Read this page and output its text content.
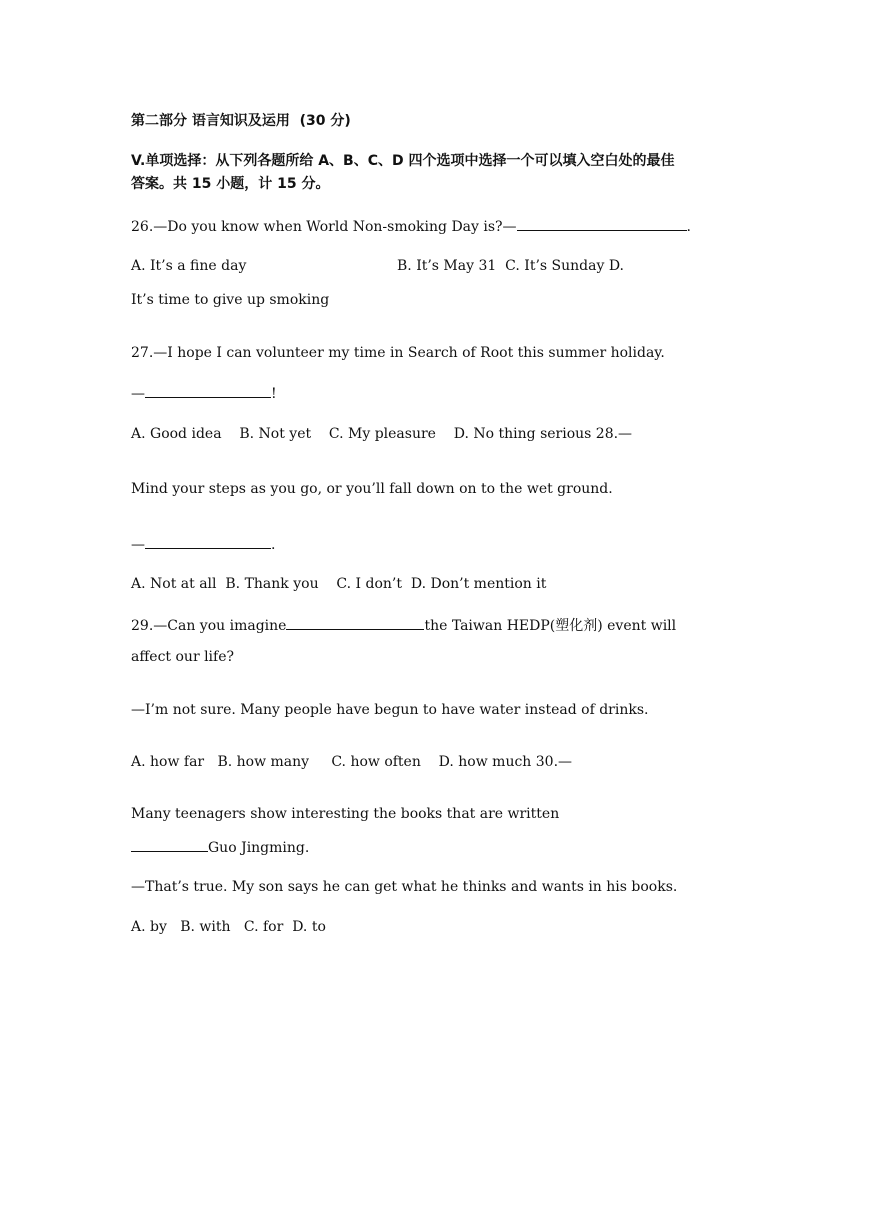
第二部分 语言知识及运用  (30 分)
V.单项选择：从下列各题所给 A、B、C、D 四个选项中选择一个可以填入空白处的最佳
答案。共 15 小题，计 15 分。
26.—Do you know when World Non-smoking Day is?—	.
A. It’s a fine day	B. It’s May 31  C. It’s Sunday D.
It’s time to give up smoking
27.—I hope I can volunteer my time in Search of Root this summer holiday.
—	!
A. Good idea    B. Not yet    C. My pleasure    D. No thing serious 28.—
Mind your steps as you go, or you’ll fall down on to the wet ground.
—	.
A. Not at all  B. Thank you    C. I don’t  D. Don’t mention it
29.—Can you imagine	the Taiwan HEDP(塑化剂) event will
affect our life?
—I’m not sure. Many people have begun to have water instead of drinks.
A. how far   B. how many     C. how often    D. how much 30.—
Many teenagers show interesting the books that are written
Guo Jingming.
—That’s true. My son says he can get what he thinks and wants in his books.
A. by   B. with   C. for  D. to
